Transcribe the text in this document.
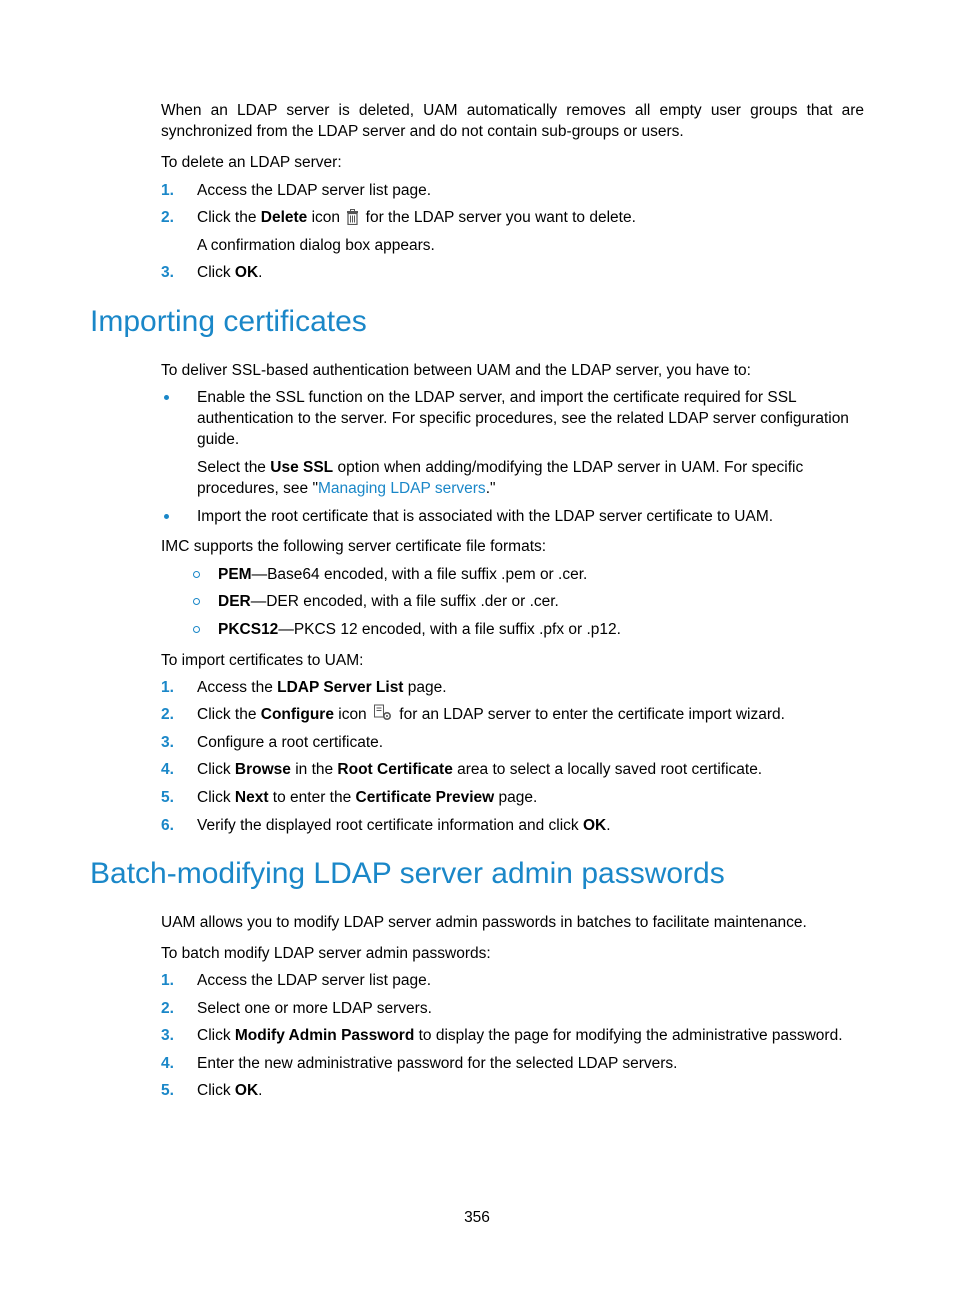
When an LDAP server is deleted, UAM automatically removes all empty user groups that are synchronized from the LDAP server and do not contain sub-groups or users.

To delete an LDAP server:

1. Access the LDAP server list page.
2. Click the Delete icon  for the LDAP server you want to delete.
A confirmation dialog box appears.
3. Click OK.
Importing certificates

To deliver SSL-based authentication between UAM and the LDAP server, you have to:

Enable the SSL function on the LDAP server, and import the certificate required for SSL authentication to the server. For specific procedures, see the related LDAP server configuration guide.
Select the Use SSL option when adding/modifying the LDAP server in UAM. For specific procedures, see "Managing LDAP servers."
Import the root certificate that is associated with the LDAP server certificate to UAM.

IMC supports the following server certificate file formats:

PEM—Base64 encoded, with a file suffix .pem or .cer.
DER—DER encoded, with a file suffix .der or .cer.
PKCS12—PKCS 12 encoded, with a file suffix .pfx or .p12.

To import certificates to UAM:

1. Access the LDAP Server List page.
2. Click the Configure icon  for an LDAP server to enter the certificate import wizard.
3. Configure a root certificate.
4. Click Browse in the Root Certificate area to select a locally saved root certificate.
5. Click Next to enter the Certificate Preview page.
6. Verify the displayed root certificate information and click OK.
Batch-modifying LDAP server admin passwords

UAM allows you to modify LDAP server admin passwords in batches to facilitate maintenance.

To batch modify LDAP server admin passwords:

1. Access the LDAP server list page.
2. Select one or more LDAP servers.
3. Click Modify Admin Password to display the page for modifying the administrative password.
4. Enter the new administrative password for the selected LDAP servers.
5. Click OK.
356
